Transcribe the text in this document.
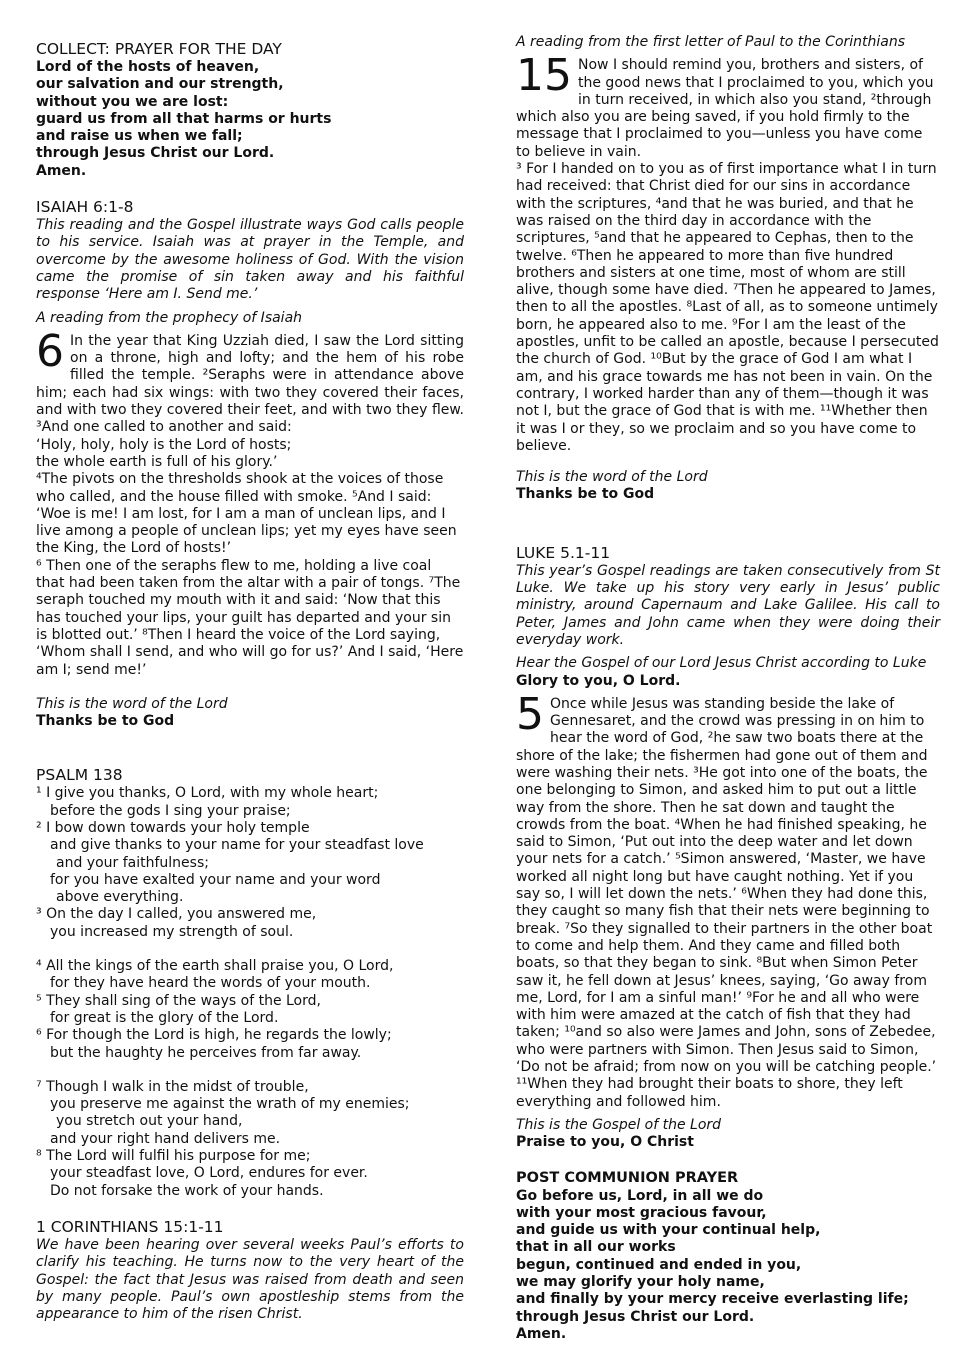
COLLECT: PRAYER FOR THE DAY
Lord of the hosts of heaven,
our salvation and our strength,
without you we are lost:
guard us from all that harms or hurts
and raise us when we fall;
through Jesus Christ our Lord.
Amen.
ISAIAH 6:1-8

This reading and the Gospel illustrate ways God calls people to his service. Isaiah was at prayer in the Temple, and overcome by the awesome holiness of God. With the vision came the promise of sin taken away and his faithful response ‘Here am I. Send me.’

A reading from the prophecy of Isaiah

6 In the year that King Uzziah died, I saw the Lord sitting on a throne, high and lofty; and the hem of his robe filled the temple. ²Seraphs were in attendance above him; each had six wings: with two they covered their faces, and with two they covered their feet, and with two they flew. ³And one called to another and said:

‘Holy, holy, holy is the Lord of hosts;
the whole earth is full of his glory.’

⁴The pivots on the thresholds shook at the voices of those who called, and the house filled with smoke. ⁵And I said: ‘Woe is me! I am lost, for I am a man of unclean lips, and I live among a people of unclean lips; yet my eyes have seen the King, the Lord of hosts!’

⁶ Then one of the seraphs flew to me, holding a live coal that had been taken from the altar with a pair of tongs. ⁷The seraph touched my mouth with it and said: ‘Now that this has touched your lips, your guilt has departed and your sin is blotted out.’ ⁸Then I heard the voice of the Lord saying, ‘Whom shall I send, and who will go for us?’ And I said, ‘Here am I; send me!’

This is the word of the Lord

Thanks be to God

PSALM 138
¹ I give you thanks, O Lord, with my whole heart;
before the gods I sing your praise;
² I bow down towards your holy temple
and give thanks to your name for your steadfast love
and your faithfulness;
for you have exalted your name and your word
above everything.
³ On the day I called, you answered me,
you increased my strength of soul.
⁴ All the kings of the earth shall praise you, O Lord,
for they have heard the words of your mouth.
⁵ They shall sing of the ways of the Lord,
for great is the glory of the Lord.
⁶ For though the Lord is high, he regards the lowly;
but the haughty he perceives from far away.
⁷ Though I walk in the midst of trouble,
you preserve me against the wrath of my enemies;
you stretch out your hand,
and your right hand delivers me.
⁸ The Lord will fulfil his purpose for me;
your steadfast love, O Lord, endures for ever.
Do not forsake the work of your hands.
1 CORINTHIANS 15:1-11

We have been hearing over several weeks Paul’s efforts to clarify his teaching. He turns now to the very heart of the Gospel: the fact that Jesus was raised from death and seen by many people. Paul’s own apostleship stems from the appearance to him of the risen Christ.

A reading from the first letter of Paul to the Corinthians

15 Now I should remind you, brothers and sisters, of the good news that I proclaimed to you, which you in turn received, in which also you stand, ²through which also you are being saved, if you hold firmly to the message that I proclaimed to you—unless you have come to believe in vain.

³ For I handed on to you as of first importance what I in turn had received: that Christ died for our sins in accordance with the scriptures, ⁴and that he was buried, and that he was raised on the third day in accordance with the scriptures, ⁵and that he appeared to Cephas, then to the twelve. ⁶Then he appeared to more than five hundred brothers and sisters at one time, most of whom are still alive, though some have died. ⁷Then he appeared to James, then to all the apostles. ⁸Last of all, as to someone untimely born, he appeared also to me. ⁹For I am the least of the apostles, unfit to be called an apostle, because I persecuted the church of God. ¹⁰But by the grace of God I am what I am, and his grace towards me has not been in vain. On the contrary, I worked harder than any of them—though it was not I, but the grace of God that is with me. ¹¹Whether then it was I or they, so we proclaim and so you have come to believe.

This is the word of the Lord

Thanks be to God

LUKE 5.1-11

This year’s Gospel readings are taken consecutively from St Luke. We take up his story very early in Jesus’ public ministry, around Capernaum and Lake Galilee. His call to Peter, James and John came when they were doing their everyday work.

Hear the Gospel of our Lord Jesus Christ according to Luke

Glory to you, O Lord.

5 Once while Jesus was standing beside the lake of Gennesaret, and the crowd was pressing in on him to hear the word of God, ²he saw two boats there at the shore of the lake; the fishermen had gone out of them and were washing their nets. ³He got into one of the boats, the one belonging to Simon, and asked him to put out a little way from the shore. Then he sat down and taught the crowds from the boat. ⁴When he had finished speaking, he said to Simon, ‘Put out into the deep water and let down your nets for a catch.’ ⁵Simon answered, ‘Master, we have worked all night long but have caught nothing. Yet if you say so, I will let down the nets.’ ⁶When they had done this, they caught so many fish that their nets were beginning to break. ⁷So they signalled to their partners in the other boat to come and help them. And they came and filled both boats, so that they began to sink. ⁸But when Simon Peter saw it, he fell down at Jesus’ knees, saying, ‘Go away from me, Lord, for I am a sinful man!’ ⁹For he and all who were with him were amazed at the catch of fish that they had taken; ¹⁰and so also were James and John, sons of Zebedee, who were partners with Simon. Then Jesus said to Simon, ‘Do not be afraid; from now on you will be catching people.’ ¹¹When they had brought their boats to shore, they left everything and followed him.

This is the Gospel of the Lord

Praise to you, O Christ

POST COMMUNION PRAYER
Go before us, Lord, in all we do
with your most gracious favour,
and guide us with your continual help,
that in all our works
begun, continued and ended in you,
we may glorify your holy name,
and finally by your mercy receive everlasting life;
through Jesus Christ our Lord.
Amen.
